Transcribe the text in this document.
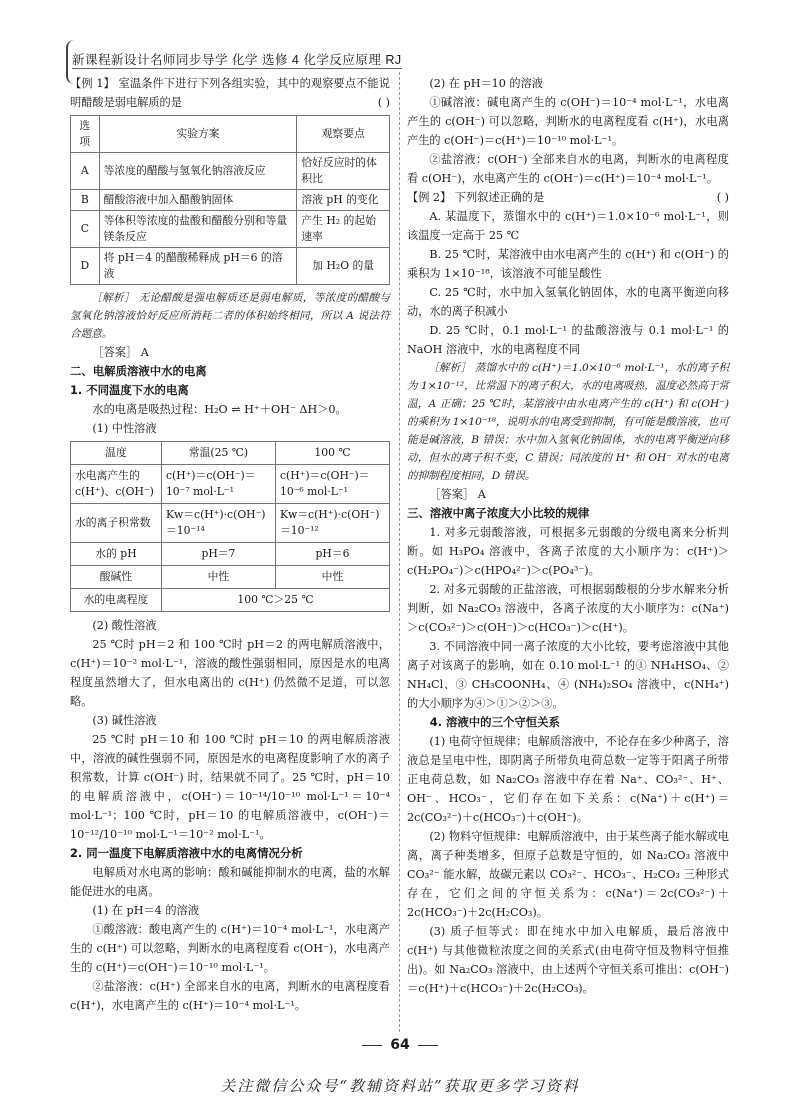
新课程新设计名师同步导学 化学 选修 4 化学反应原理 RJ

【例 1】 室温条件下进行下列各组实验，其中的观察要点不能说明醋酸是弱电解质的是	( )

选项	实验方案	观察要点
A	等浓度的醋酸与氢氧化钠溶液反应	恰好反应时的体积比
B	醋酸溶液中加入醋酸钠固体	溶液 pH 的变化
C	等体积等浓度的盐酸和醋酸分别和等量镁条反应	产生 H₂ 的起始速率
D	将 pH＝4 的醋酸稀释成 pH＝6 的溶液	加 H₂O 的量

［解析］ 无论醋酸是强电解质还是弱电解质，等浓度的醋酸与氢氧化钠溶液恰好反应所消耗二者的体积始终相同，所以 A 说法符合题意。

［答案］ A

二、电解质溶液中水的电离

1. 不同温度下水的电离

水的电离是吸热过程：H₂O ⇌ H⁺＋OH⁻ ΔH＞0。

(1) 中性溶液

温度	常温(25 ℃)	100 ℃
水电离产生的 c(H⁺)、c(OH⁻)	c(H⁺)＝c(OH⁻)＝10⁻⁷ mol·L⁻¹	c(H⁺)＝c(OH⁻)＝10⁻⁶ mol·L⁻¹
水的离子积常数	Kw＝c(H⁺)·c(OH⁻)＝10⁻¹⁴	Kw＝c(H⁺)·c(OH⁻)＝10⁻¹²
水的 pH	pH＝7	pH＝6
酸碱性	中性	中性
水的电离程度	100 ℃＞25 ℃	

(2) 酸性溶液

25 ℃时 pH＝2 和 100 ℃时 pH＝2 的两电解质溶液中，c(H⁺)＝10⁻² mol·L⁻¹，溶液的酸性强弱相同，原因是水的电离程度虽然增大了，但水电离出的 c(H⁺) 仍然微不足道，可以忽略。

(3) 碱性溶液

25 ℃时 pH＝10 和 100 ℃时 pH＝10 的两电解质溶液中，溶液的碱性强弱不同，原因是水的电离程度影响了水的离子积常数，计算 c(OH⁻) 时，结果就不同了。25 ℃时，pH＝10 的电解质溶液中，c(OH⁻)＝10⁻¹⁴/10⁻¹⁰ mol·L⁻¹＝10⁻⁴ mol·L⁻¹；100 ℃时，pH＝10 的电解质溶液中，c(OH⁻)＝10⁻¹²/10⁻¹⁰ mol·L⁻¹＝10⁻² mol·L⁻¹。

2. 同一温度下电解质溶液中水的电离情况分析

电解质对水电离的影响：酸和碱能抑制水的电离，盐的水解能促进水的电离。

(1) 在 pH＝4 的溶液

①酸溶液：酸电离产生的 c(H⁺)＝10⁻⁴ mol·L⁻¹，水电离产生的 c(H⁺) 可以忽略，判断水的电离程度看 c(OH⁻)，水电离产生的 c(H⁺)＝c(OH⁻)＝10⁻¹⁰ mol·L⁻¹。

②盐溶液：c(H⁺) 全部来自水的电离，判断水的电离程度看 c(H⁺)，水电离产生的 c(H⁺)＝10⁻⁴ mol·L⁻¹。

(2) 在 pH＝10 的溶液

①碱溶液：碱电离产生的 c(OH⁻)＝10⁻⁴ mol·L⁻¹，水电离产生的 c(OH⁻) 可以忽略，判断水的电离程度看 c(H⁺)，水电离产生的 c(OH⁻)＝c(H⁺)＝10⁻¹⁰ mol·L⁻¹。

②盐溶液：c(OH⁻) 全部来自水的电离，判断水的电离程度看 c(OH⁻)，水电离产生的 c(OH⁻)＝c(H⁺)＝10⁻⁴ mol·L⁻¹。

【例 2】 下列叙述正确的是	( )

A. 某温度下，蒸馏水中的 c(H⁺)＝1.0×10⁻⁶ mol·L⁻¹，则该温度一定高于 25 ℃

B. 25 ℃时，某溶液中由水电离产生的 c(H⁺) 和 c(OH⁻) 的乘积为 1×10⁻¹⁸，该溶液不可能呈酸性

C. 25 ℃时，水中加入氢氧化钠固体，水的电离平衡逆向移动，水的离子积减小

D. 25 ℃时，0.1 mol·L⁻¹ 的盐酸溶液与 0.1 mol·L⁻¹ 的 NaOH 溶液中，水的电离程度不同

［解析］ 蒸馏水中的 c(H⁺)＝1.0×10⁻⁶ mol·L⁻¹，水的离子积为 1×10⁻¹²，比常温下的离子积大，水的电离吸热，温度必然高于常温，A 正确；25 ℃时，某溶液中由水电离产生的 c(H⁺) 和 c(OH⁻) 的乘积为 1×10⁻¹⁸，说明水的电离受到抑制，有可能是酸溶液，也可能是碱溶液，B 错误；水中加入氢氧化钠固体，水的电离平衡逆向移动，但水的离子积不变，C 错误；同浓度的 H⁺ 和 OH⁻ 对水的电离的抑制程度相同，D 错误。

［答案］ A

三、溶液中离子浓度大小比较的规律

1. 对多元弱酸溶液，可根据多元弱酸的分级电离来分析判断。如 H₃PO₄ 溶液中，各离子浓度的大小顺序为：c(H⁺)＞c(H₂PO₄⁻)＞c(HPO₄²⁻)＞c(PO₄³⁻)。

2. 对多元弱酸的正盐溶液，可根据弱酸根的分步水解来分析判断，如 Na₂CO₃ 溶液中，各离子浓度的大小顺序为：c(Na⁺)＞c(CO₃²⁻)＞c(OH⁻)＞c(HCO₃⁻)＞c(H⁺)。

3. 不同溶液中同一离子浓度的大小比较，要考虑溶液中其他离子对该离子的影响，如在 0.10 mol·L⁻¹ 的① NH₄HSO₄、② NH₄Cl、③ CH₃COONH₄、④ (NH₄)₂SO₄ 溶液中，c(NH₄⁺) 的大小顺序为④＞①＞②＞③。

4. 溶液中的三个守恒关系

(1) 电荷守恒规律：电解质溶液中，不论存在多少种离子，溶液总是呈电中性，即阴离子所带负电荷总数一定等于阳离子所带正电荷总数，如 Na₂CO₃ 溶液中存在着 Na⁺、CO₃²⁻、H⁺、OH⁻、HCO₃⁻，它们存在如下关系：c(Na⁺)＋c(H⁺)＝2c(CO₃²⁻)＋c(HCO₃⁻)＋c(OH⁻)。

(2) 物料守恒规律：电解质溶液中，由于某些离子能水解或电离，离子种类增多，但原子总数是守恒的，如 Na₂CO₃ 溶液中 CO₃²⁻ 能水解，故碳元素以 CO₃²⁻、HCO₃⁻、H₂CO₃ 三种形式存在，它们之间的守恒关系为：c(Na⁺)＝2c(CO₃²⁻)＋2c(HCO₃⁻)＋2c(H₂CO₃)。

(3) 质子恒等式：即在纯水中加入电解质，最后溶液中 c(H⁺) 与其他微粒浓度之间的关系式(由电荷守恒及物料守恒推出)。如 Na₂CO₃ 溶液中，由上述两个守恒关系可推出：c(OH⁻)＝c(H⁺)＋c(HCO₃⁻)＋2c(H₂CO₃)。

64
关注微信公众号“教辅资料站”获取更多学习资料
